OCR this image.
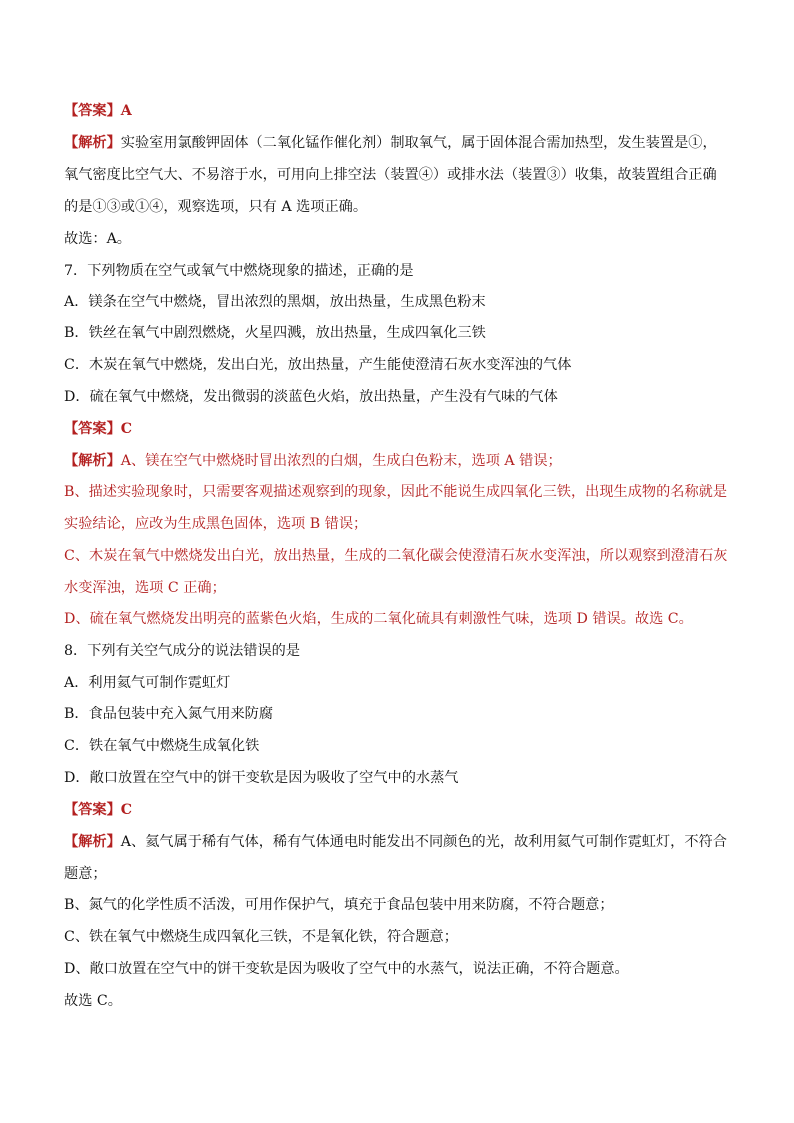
【答案】A
【解析】实验室用氯酸钾固体（二氧化锰作催化剂）制取氧气，属于固体混合需加热型，发生装置是①，
氧气密度比空气大、不易溶于水，可用向上排空法（装置④）或排水法（装置③）收集，故装置组合正确
的是①③或①④，观察选项，只有 A 选项正确。
故选：A。
7．下列物质在空气或氧气中燃烧现象的描述，正确的是
A．镁条在空气中燃烧，冒出浓烈的黑烟，放出热量，生成黑色粉末
B．铁丝在氧气中剧烈燃烧，火星四溅，放出热量，生成四氧化三铁
C．木炭在氧气中燃烧，发出白光，放出热量，产生能使澄清石灰水变浑浊的气体
D．硫在氧气中燃烧，发出微弱的淡蓝色火焰，放出热量，产生没有气味的气体
【答案】C
【解析】A、镁在空气中燃烧时冒出浓烈的白烟，生成白色粉末，选项 A 错误；
B、描述实验现象时，只需要客观描述观察到的现象，因此不能说生成四氧化三铁，出现生成物的名称就是
实验结论，应改为生成黑色固体，选项 B 错误；
C、木炭在氧气中燃烧发出白光，放出热量，生成的二氧化碳会使澄清石灰水变浑浊，所以观察到澄清石灰
水变浑浊，选项 C 正确；
D、硫在氧气燃烧发出明亮的蓝紫色火焰，生成的二氧化硫具有刺激性气味，选项 D 错误。故选 C。
8．下列有关空气成分的说法错误的是
A．利用氦气可制作霓虹灯
B．食品包装中充入氮气用来防腐
C．铁在氧气中燃烧生成氧化铁
D．敞口放置在空气中的饼干变软是因为吸收了空气中的水蒸气
【答案】C
【解析】A、氦气属于稀有气体，稀有气体通电时能发出不同颜色的光，故利用氦气可制作霓虹灯，不符合
题意；
B、氮气的化学性质不活泼，可用作保护气，填充于食品包装中用来防腐，不符合题意；
C、铁在氧气中燃烧生成四氧化三铁，不是氧化铁，符合题意；
D、敞口放置在空气中的饼干变软是因为吸收了空气中的水蒸气，说法正确，不符合题意。
故选 C。
